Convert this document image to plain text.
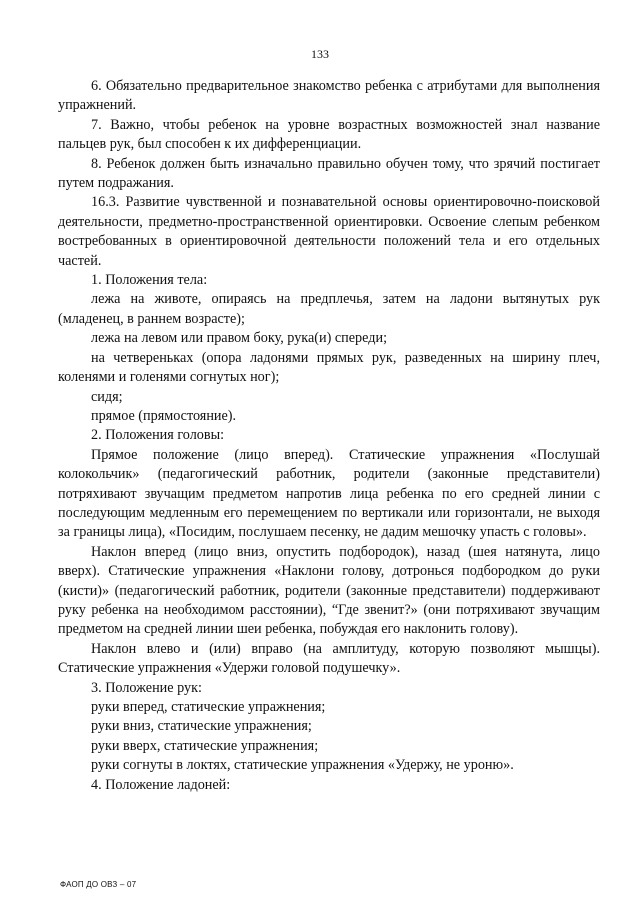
133

6. Обязательно предварительное знакомство ребенка с атрибутами для выполнения упражнений.

7. Важно, чтобы ребенок на уровне возрастных возможностей знал название пальцев рук, был способен к их дифференциации.

8. Ребенок должен быть изначально правильно обучен тому, что зрячий постигает путем подражания.

16.3. Развитие чувственной и познавательной основы ориентировочно-поисковой деятельности, предметно-пространственной ориентировки. Освоение слепым ребенком востребованных в ориентировочной деятельности положений тела и его отдельных частей.

1. Положения тела:

лежа на животе, опираясь на предплечья, затем на ладони вытянутых рук (младенец, в раннем возрасте);

лежа на левом или правом боку, рука(и) спереди;

на четвереньках (опора ладонями прямых рук, разведенных на ширину плеч, коленями и голенями согнутых ног);

сидя;

прямое (прямостояние).

2. Положения головы:

Прямое положение (лицо вперед). Статические упражнения «Послушай колокольчик» (педагогический работник, родители (законные представители) потряхивают звучащим предметом напротив лица ребенка по его средней линии с последующим медленным его перемещением по вертикали или горизонтали, не выходя за границы лица), «Посидим, послушаем песенку, не дадим мешочку упасть с головы».

Наклон вперед (лицо вниз, опустить подбородок), назад (шея натянута, лицо вверх). Статические упражнения «Наклони голову, дотронься подбородком до руки (кисти)» (педагогический работник, родители (законные представители) поддерживают руку ребенка на необходимом расстоянии), “Где звенит?» (они потряхивают звучащим предметом на средней линии шеи ребенка, побуждая его наклонить голову).

Наклон влево и (или) вправо (на амплитуду, которую позволяют мышцы). Статические упражнения «Удержи головой подушечку».

3. Положение рук:

руки вперед, статические упражнения;

руки вниз, статические упражнения;

руки вверх, статические упражнения;

руки согнуты в локтях, статические упражнения «Удержу, не уроню».

4. Положение ладоней:

ФАОП ДО ОВЗ – 07
